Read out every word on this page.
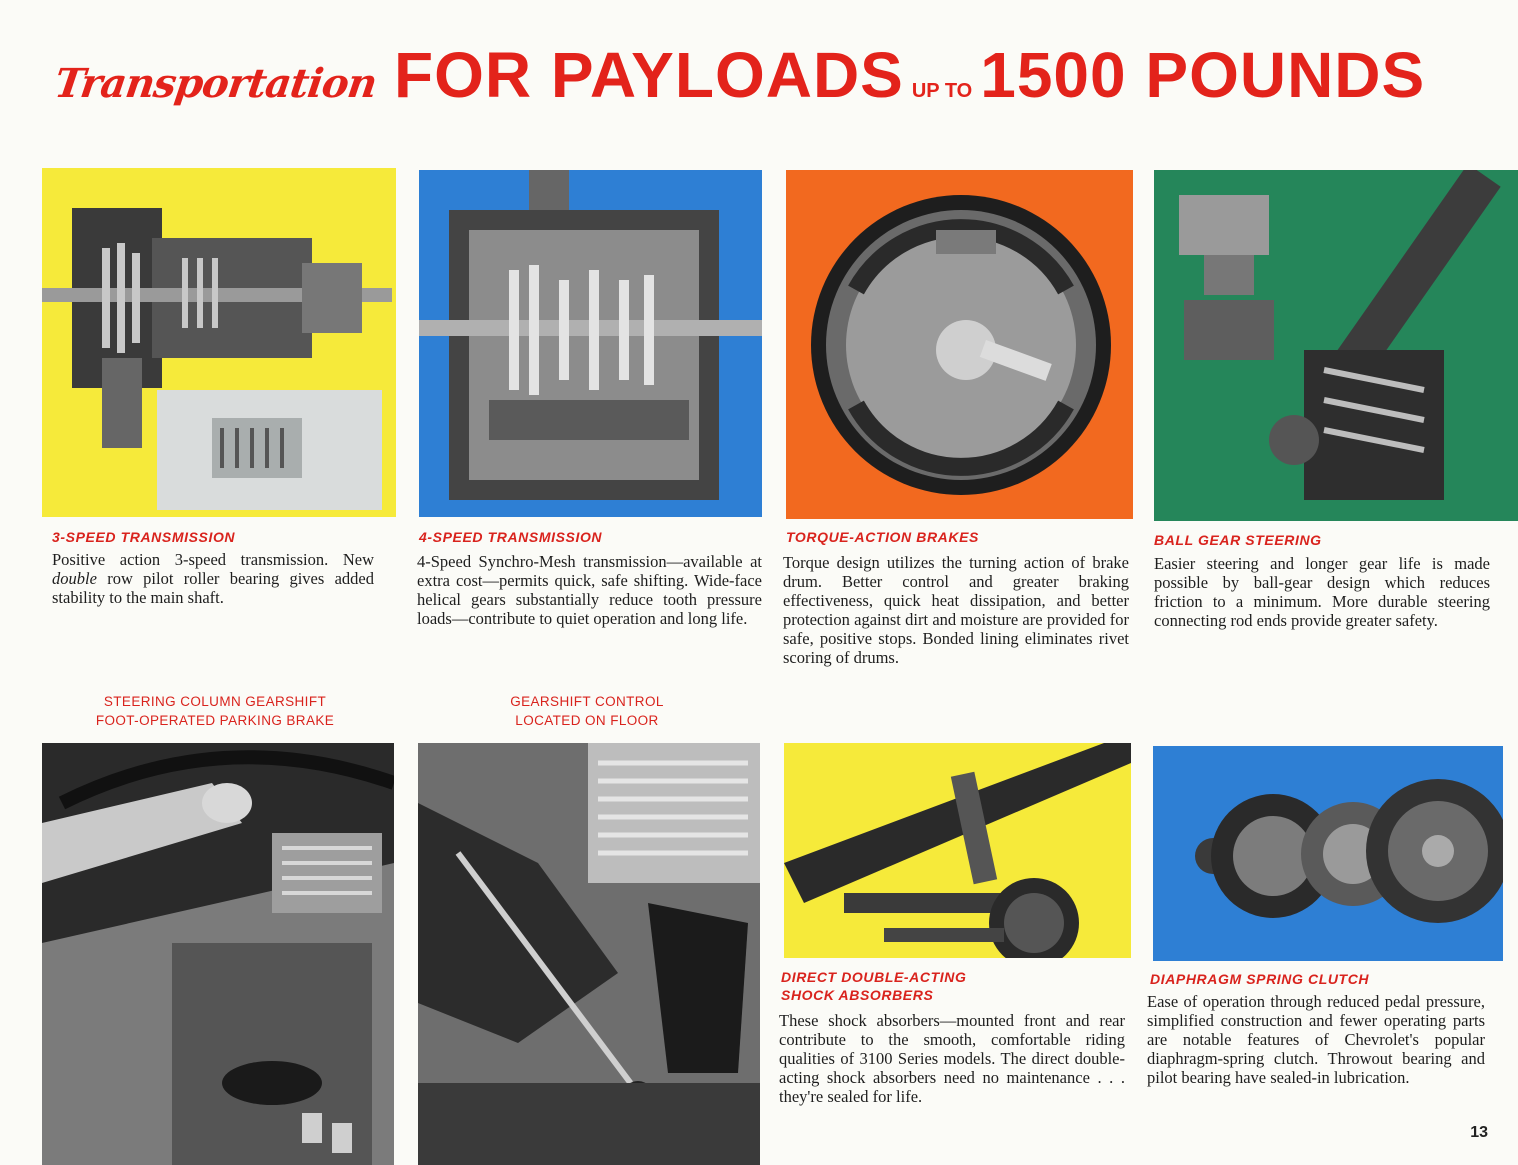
Transportation FOR PAYLOADS UP TO 1500 POUNDS
3-SPEED TRANSMISSION
Positive action 3-speed transmission. New double row pilot roller bearing gives added stability to the main shaft.
4-SPEED TRANSMISSION
4-Speed Synchro-Mesh transmission—available at extra cost—permits quick, safe shifting. Wide-face helical gears substantially reduce tooth pressure loads—contribute to quiet operation and long life.
TORQUE-ACTION BRAKES
Torque design utilizes the turning action of brake drum. Better control and greater braking effectiveness, quick heat dissipation, and better protection against dirt and moisture are provided for safe, positive stops. Bonded lining eliminates rivet scoring of drums.
BALL GEAR STEERING
Easier steering and longer gear life is made possible by ball-gear design which reduces friction to a minimum. More durable steering connecting rod ends provide greater safety.
STEERING COLUMN GEARSHIFT
FOOT-OPERATED PARKING BRAKE
GEARSHIFT CONTROL
LOCATED ON FLOOR
DIRECT DOUBLE-ACTING
SHOCK ABSORBERS
These shock absorbers—mounted front and rear contribute to the smooth, comfortable riding qualities of 3100 Series models. The direct double-acting shock absorbers need no maintenance . . . they're sealed for life.
DIAPHRAGM SPRING CLUTCH
Ease of operation through reduced pedal pressure, simplified construction and fewer operating parts are notable features of Chevrolet's popular diaphragm-spring clutch. Throwout bearing and pilot bearing have sealed-in lubrication.
13
